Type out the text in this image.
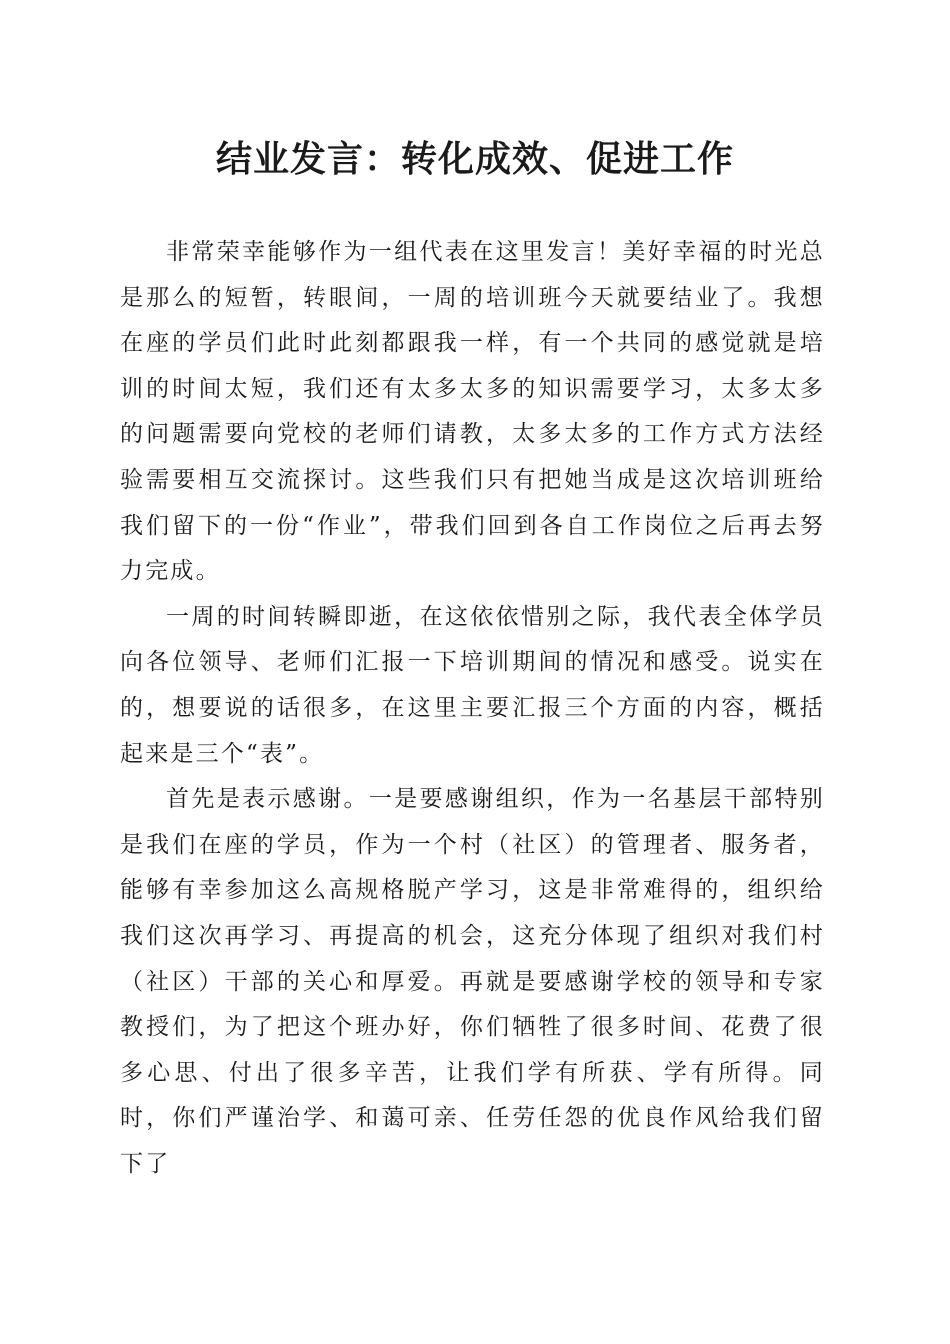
结业发言：转化成效、促进工作

非常荣幸能够作为一组代表在这里发言！美好幸福的时光总是那么的短暂，转眼间，一周的培训班今天就要结业了。我想在座的学员们此时此刻都跟我一样，有一个共同的感觉就是培训的时间太短，我们还有太多太多的知识需要学习，太多太多的问题需要向党校的老师们请教，太多太多的工作方式方法经验需要相互交流探讨。这些我们只有把她当成是这次培训班给我们留下的一份“作业”，带我们回到各自工作岗位之后再去努力完成。

一周的时间转瞬即逝，在这依依惜别之际，我代表全体学员向各位领导、老师们汇报一下培训期间的情况和感受。说实在的，想要说的话很多，在这里主要汇报三个方面的内容，概括起来是三个“表”。

首先是表示感谢。一是要感谢组织，作为一名基层干部特别是我们在座的学员，作为一个村（社区）的管理者、服务者，能够有幸参加这么高规格脱产学习，这是非常难得的，组织给我们这次再学习、再提高的机会，这充分体现了组织对我们村（社区）干部的关心和厚爱。再就是要感谢学校的领导和专家教授们，为了把这个班办好，你们牺牲了很多时间、花费了很多心思、付出了很多辛苦，让我们学有所获、学有所得。同时，你们严谨治学、和蔼可亲、任劳任怨的优良作风给我们留下了
